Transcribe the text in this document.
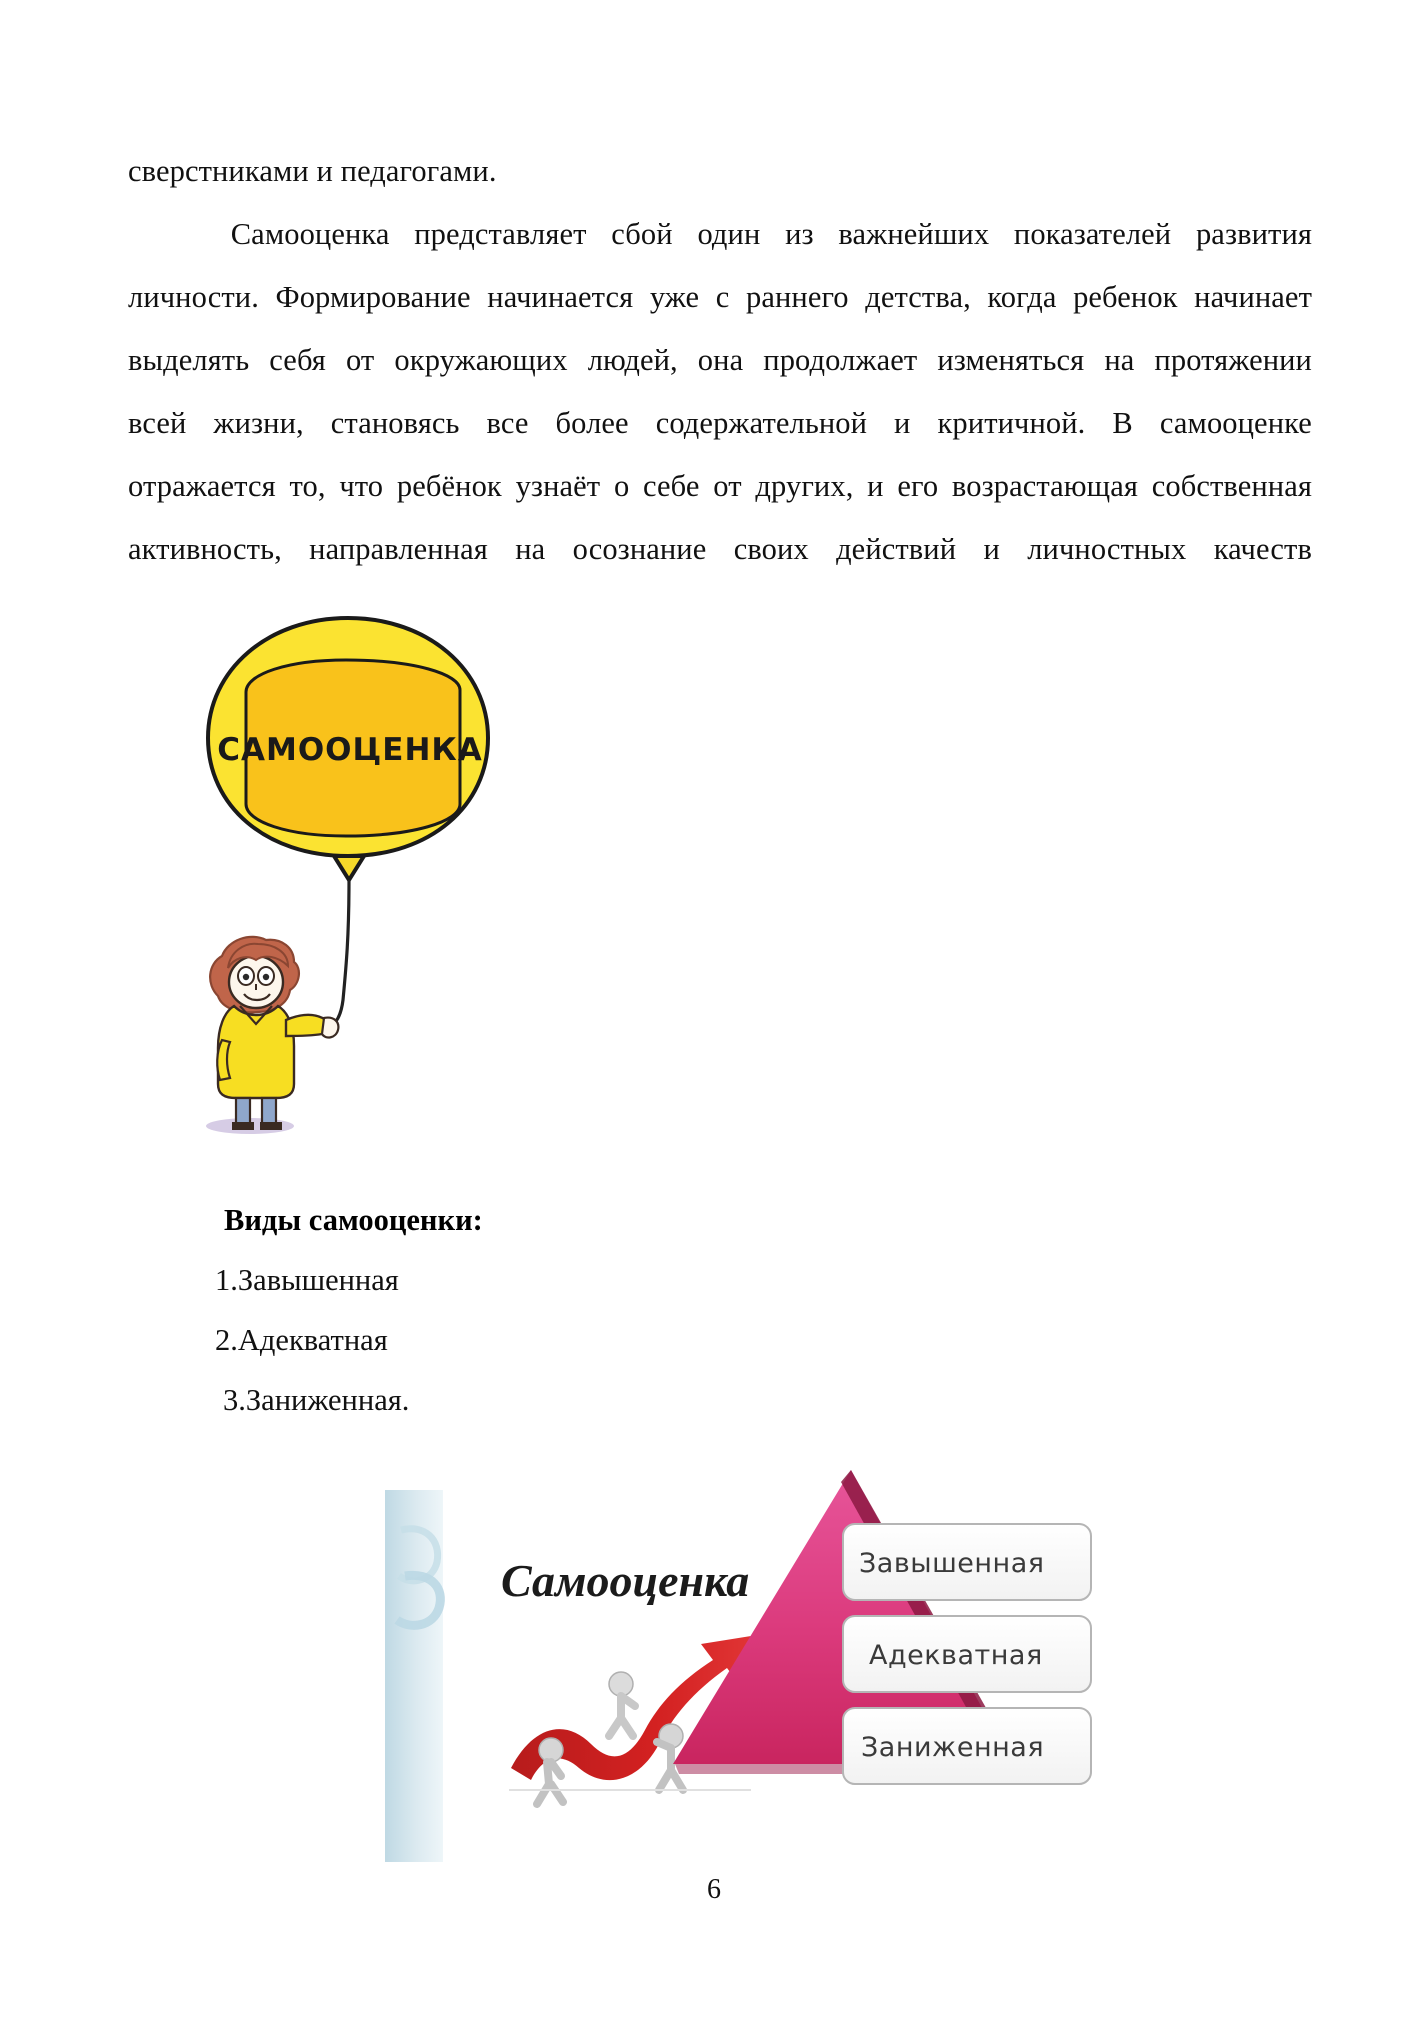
сверстниками и педагогами.
Самооценка представляет сбой один из важнейших показателей развития
личности. Формирование начинается уже с раннего детства, когда ребенок начинает
выделять себя от окружающих людей, она продолжает изменяться на протяжении
всей жизни, становясь все более содержательной и критичной. В самооценке
отражается то, что ребёнок узнаёт о себе от других, и его возрастающая собственная
активность, направленная на осознание своих действий и личностных качеств
САМООЦЕНКА
Виды самооценки:
1.Завышенная
2.Адекватная
3.Заниженная.
Самооценка	Завышенная
Адекватная
Заниженная
6
